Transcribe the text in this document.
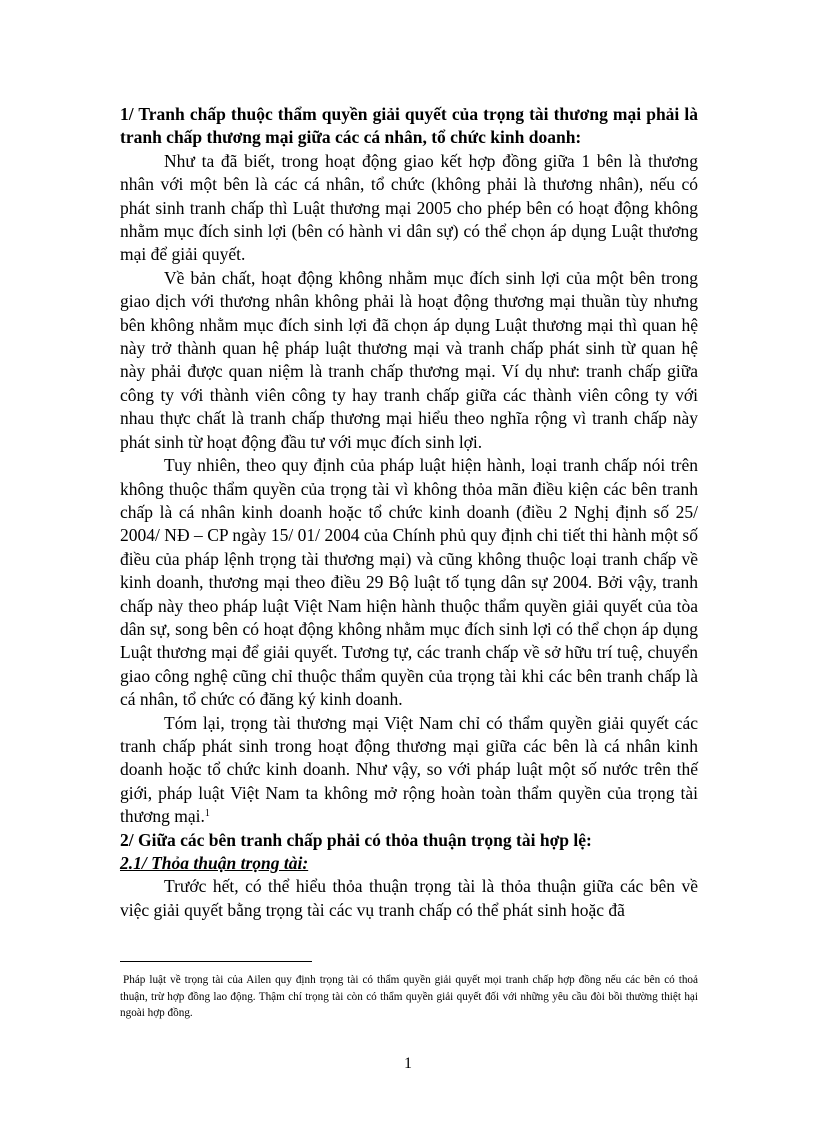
1/ Tranh chấp thuộc thẩm quyền giải quyết của trọng tài thương mại phải là tranh chấp thương mại giữa các cá nhân, tổ chức kinh doanh:

Như ta đã biết, trong hoạt động giao kết hợp đồng giữa 1 bên là thương nhân với một bên là các cá nhân, tổ chức (không phải là thương nhân), nếu có phát sinh tranh chấp thì Luật thương mại 2005 cho phép bên có hoạt động không nhằm mục đích sinh lợi (bên có hành vi dân sự) có thể chọn áp dụng Luật thương mại để giải quyết.

Về bản chất, hoạt động không nhằm mục đích sinh lợi của một bên trong giao dịch với thương nhân không phải là hoạt động thương mại thuần tùy nhưng bên không nhằm mục đích sinh lợi đã chọn áp dụng Luật thương mại thì quan hệ này trở thành quan hệ pháp luật thương mại và tranh chấp phát sinh từ quan hệ này phải được quan niệm là tranh chấp thương mại. Ví dụ như: tranh chấp giữa công ty với thành viên công ty hay tranh chấp giữa các thành viên công ty với nhau thực chất là tranh chấp thương mại hiểu theo nghĩa rộng vì tranh chấp này phát sinh từ hoạt động đầu tư với mục đích sinh lợi.

Tuy nhiên, theo quy định của pháp luật hiện hành, loại tranh chấp nói trên không thuộc thẩm quyền của trọng tài vì không thỏa mãn điều kiện các bên tranh chấp là cá nhân kinh doanh hoặc tổ chức kinh doanh (điều 2 Nghị định số 25/ 2004/ NĐ – CP ngày 15/ 01/ 2004 của Chính phủ quy định chi tiết thi hành một số điều của pháp lệnh trọng tài thương mại) và cũng không thuộc loại tranh chấp về kinh doanh, thương mại theo điều 29 Bộ luật tố tụng dân sự 2004. Bởi vậy, tranh chấp này theo pháp luật Việt Nam hiện hành thuộc thẩm quyền giải quyết của tòa dân sự, song bên có hoạt động không nhằm mục đích sinh lợi có thể chọn áp dụng Luật thương mại để giải quyết. Tương tự, các tranh chấp về sở hữu trí tuệ, chuyển giao công nghệ cũng chỉ thuộc thẩm quyền của trọng tài khi các bên tranh chấp là cá nhân, tổ chức có đăng ký kinh doanh.

Tóm lại, trọng tài thương mại Việt Nam chỉ có thẩm quyền giải quyết các tranh chấp phát sinh trong hoạt động thương mại giữa các bên là cá nhân kinh doanh hoặc tổ chức kinh doanh. Như vậy, so với pháp luật một số nước trên thế giới, pháp luật Việt Nam ta không mở rộng hoàn toàn thẩm quyền của trọng tài thương mại.$^1$

2/ Giữa các bên tranh chấp phải có thỏa thuận trọng tài hợp lệ:

2.1/ Thỏa thuận trọng tài:

Trước hết, có thể hiểu thỏa thuận trọng tài là thỏa thuận giữa các bên về việc giải quyết bằng trọng tài các vụ tranh chấp có thể phát sinh hoặc đã

Pháp luật về trọng tài của Ailen quy định trọng tài có thẩm quyền giải quyết mọi tranh chấp hợp đồng nếu các bên có thoả thuận, trừ hợp đồng lao động. Thậm chí trọng tài còn có thẩm quyền giải quyết đối với những yêu cầu đòi bồi thường thiệt hại ngoài hợp đồng.
1
